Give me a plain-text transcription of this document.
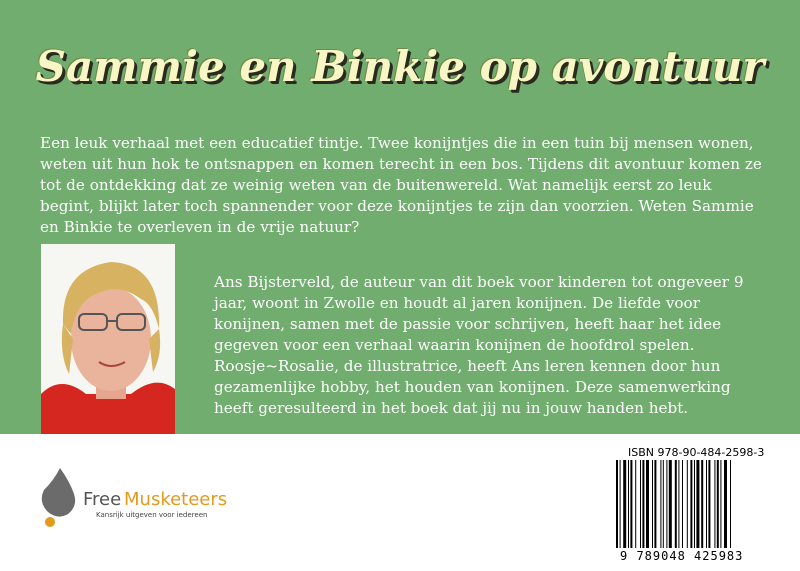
Sammie en Binkie op avontuur
Een leuk verhaal met een educatief tintje. Twee konijntjes die in een tuin bij mensen wonen, weten uit hun hok te ontsnappen en komen terecht in een bos. Tijdens dit avontuur komen ze tot de ontdekking dat ze weinig weten van de buitenwereld. Wat namelijk eerst zo leuk begint, blijkt later toch spannender voor deze konijntjes te zijn dan voorzien. Weten Sammie en Binkie te overleven in de vrije natuur?

Ans Bijsterveld, de auteur van dit boek voor kinderen tot ongeveer 9 jaar, woont in Zwolle en houdt al jaren konijnen. De liefde voor konijnen, samen met de passie voor schrijven, heeft haar het idee gegeven voor een verhaal waarin konijnen de hoofdrol spelen.

Roosje~Rosalie, de illustratrice, heeft Ans leren kennen door hun gezamenlijke hobby, het houden van konijnen. Deze samenwerking heeft geresulteerd in het boek dat jij nu in jouw handen hebt.

Free Musketeers
Kansrijk uitgeven voor iedereen
ISBN 978-90-484-2598-3
9 789048 425983
